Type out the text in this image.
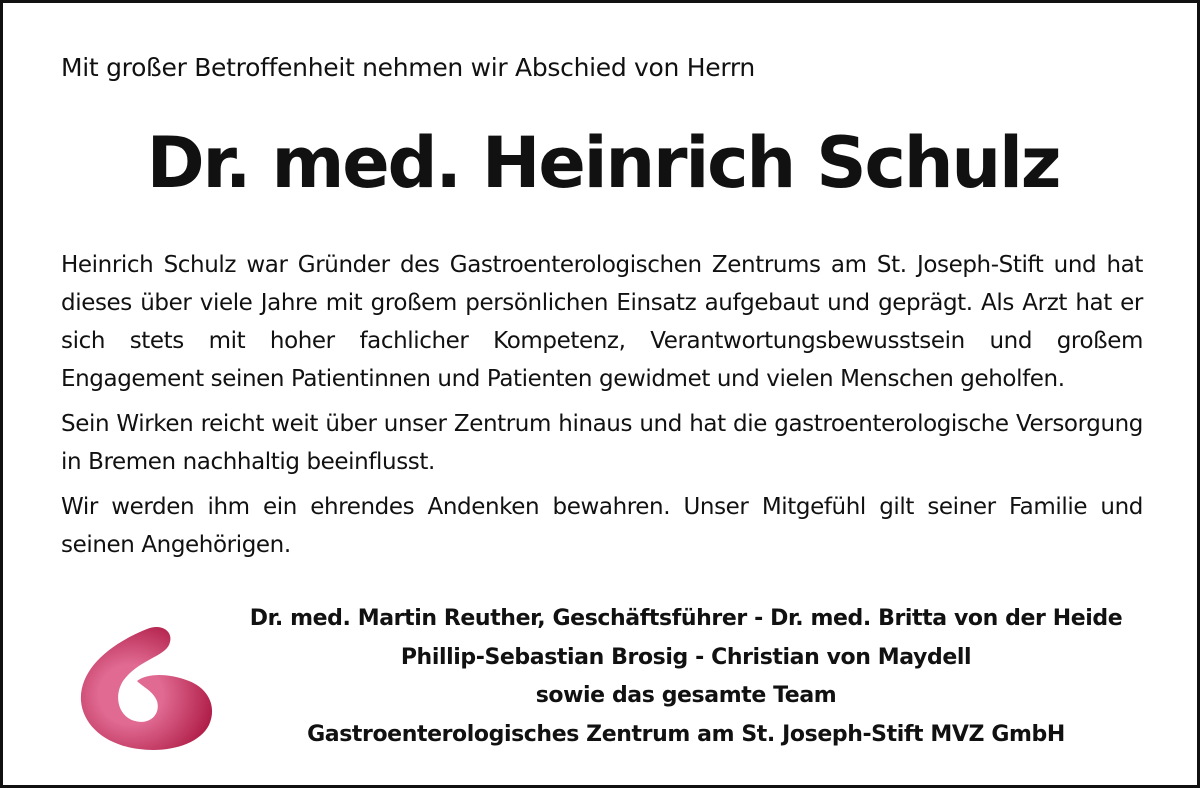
Mit großer Betroffenheit nehmen wir Abschied von Herrn
Dr. med. Heinrich Schulz

Heinrich Schulz war Gründer des Gastroenterologischen Zentrums am St. Joseph-Stift und hat dieses über viele Jahre mit großem persönlichen Einsatz aufgebaut und geprägt. Als Arzt hat er sich stets mit hoher fachlicher Kompetenz, Verantwortungsbewusstsein und großem Engagement seinen Patientinnen und Patienten gewidmet und vielen Menschen geholfen.

Sein Wirken reicht weit über unser Zentrum hinaus und hat die gastroenterologische Versorgung in Bremen nachhaltig beeinflusst.

Wir werden ihm ein ehrendes Andenken bewahren. Unser Mitgefühl gilt seiner Familie und seinen Angehörigen.

Dr. med. Martin Reuther, Geschäftsführer - Dr. med. Britta von der Heide
Phillip-Sebastian Brosig - Christian von Maydell
sowie das gesamte Team
Gastroenterologisches Zentrum am St. Joseph-Stift MVZ GmbH
